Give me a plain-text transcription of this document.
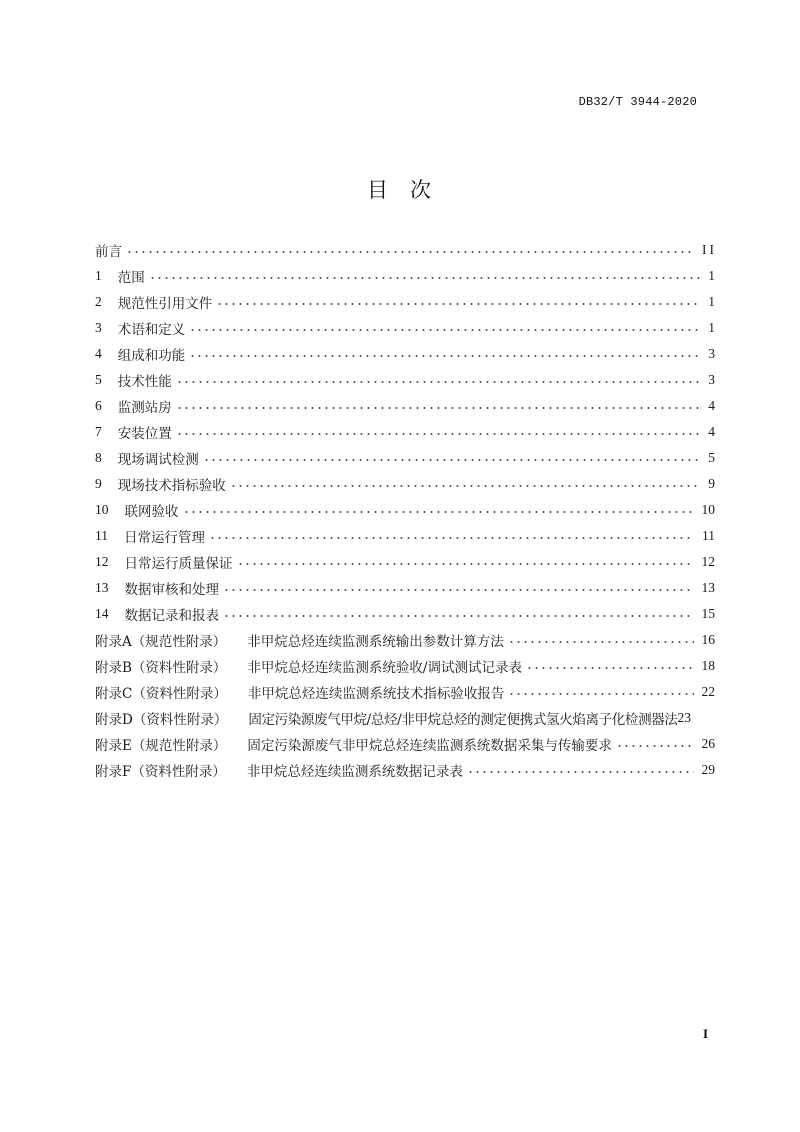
DB32/T 3944-2020
目次
前言	II
1 范围	1
2 规范性引用文件	1
3 术语和定义	1
4 组成和功能	3
5 技术性能	3
6 监测站房	4
7 安装位置	4
8 现场调试检测	5
9 现场技术指标验收	9
10 联网验收	10
11 日常运行管理	11
12 日常运行质量保证	12
13 数据审核和处理	13
14 数据记录和报表	15
附录A（规范性附录） 非甲烷总烃连续监测系统输出参数计算方法	16
附录B（资料性附录） 非甲烷总烃连续监测系统验收/调试测试记录表	18
附录C（资料性附录） 非甲烷总烃连续监测系统技术指标验收报告	22
附录D（资料性附录） 固定污染源废气甲烷/总烃/非甲烷总烃的测定便携式氢火焰离子化检测器法 23
附录E（规范性附录） 固定污染源废气非甲烷总烃连续监测系统数据采集与传输要求	26
附录F（资料性附录） 非甲烷总烃连续监测系统数据记录表	29
I
